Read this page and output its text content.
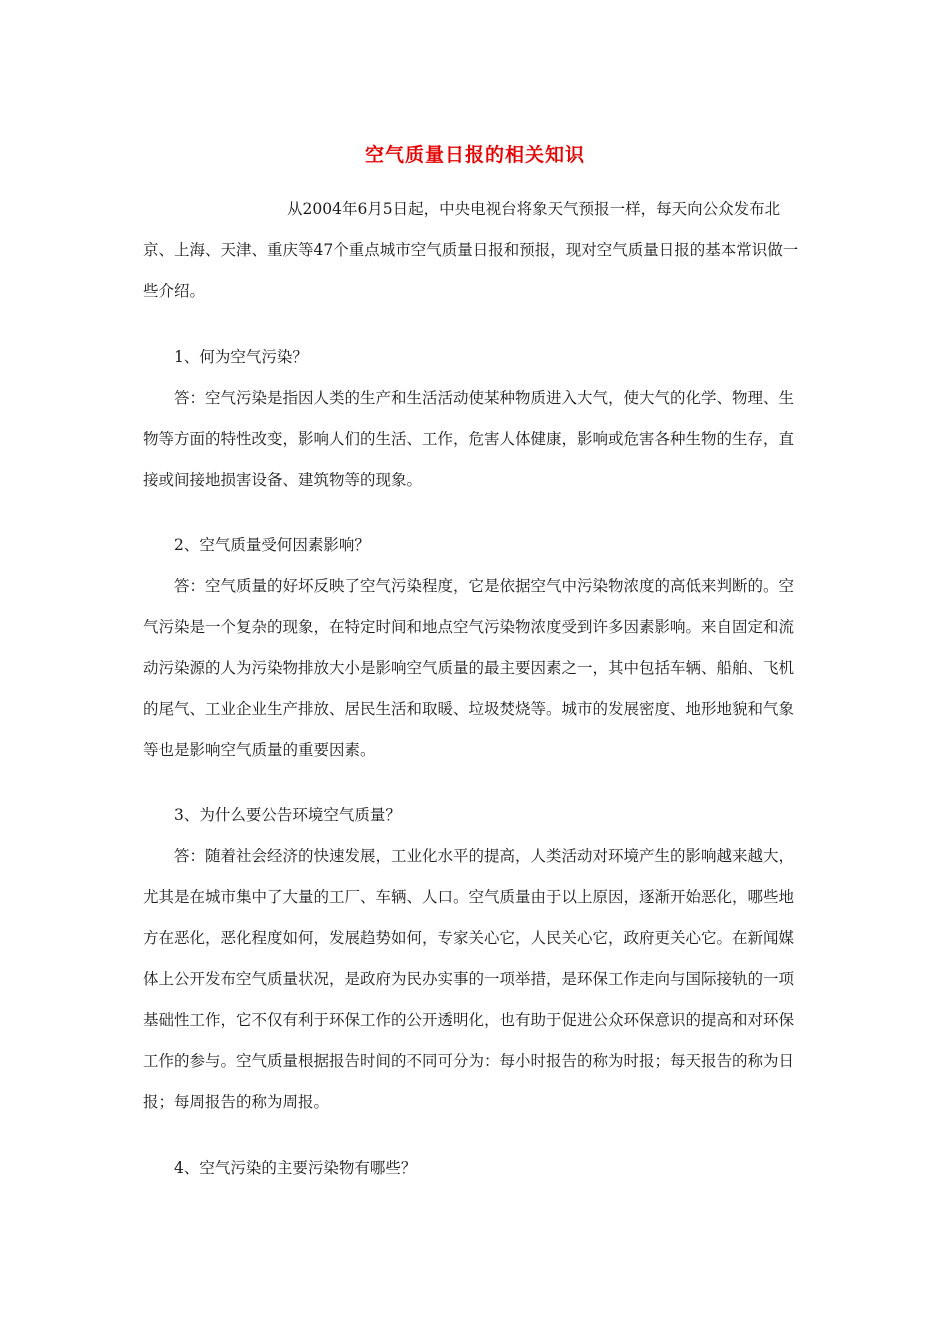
空气质量日报的相关知识

从2004年6月5日起，中央电视台将象天气预报一样，每天向公众发布北京、上海、天津、重庆等47个重点城市空气质量日报和预报，现对空气质量日报的基本常识做一些介绍。

1、何为空气污染？

答：空气污染是指因人类的生产和生活活动使某种物质进入大气，使大气的化学、物理、生物等方面的特性改变，影响人们的生活、工作，危害人体健康，影响或危害各种生物的生存，直接或间接地损害设备、建筑物等的现象。

2、空气质量受何因素影响？

答：空气质量的好坏反映了空气污染程度，它是依据空气中污染物浓度的高低来判断的。空气污染是一个复杂的现象，在特定时间和地点空气污染物浓度受到许多因素影响。来自固定和流动污染源的人为污染物排放大小是影响空气质量的最主要因素之一，其中包括车辆、船舶、飞机的尾气、工业企业生产排放、居民生活和取暖、垃圾焚烧等。城市的发展密度、地形地貌和气象等也是影响空气质量的重要因素。

3、为什么要公告环境空气质量？

答：随着社会经济的快速发展，工业化水平的提高，人类活动对环境产生的影响越来越大，尤其是在城市集中了大量的工厂、车辆、人口。空气质量由于以上原因，逐渐开始恶化，哪些地方在恶化，恶化程度如何，发展趋势如何，专家关心它，人民关心它，政府更关心它。在新闻媒体上公开发布空气质量状况，是政府为民办实事的一项举措，是环保工作走向与国际接轨的一项基础性工作，它不仅有利于环保工作的公开透明化，也有助于促进公众环保意识的提高和对环保工作的参与。空气质量根据报告时间的不同可分为：每小时报告的称为时报；每天报告的称为日报；每周报告的称为周报。

4、空气污染的主要污染物有哪些？
